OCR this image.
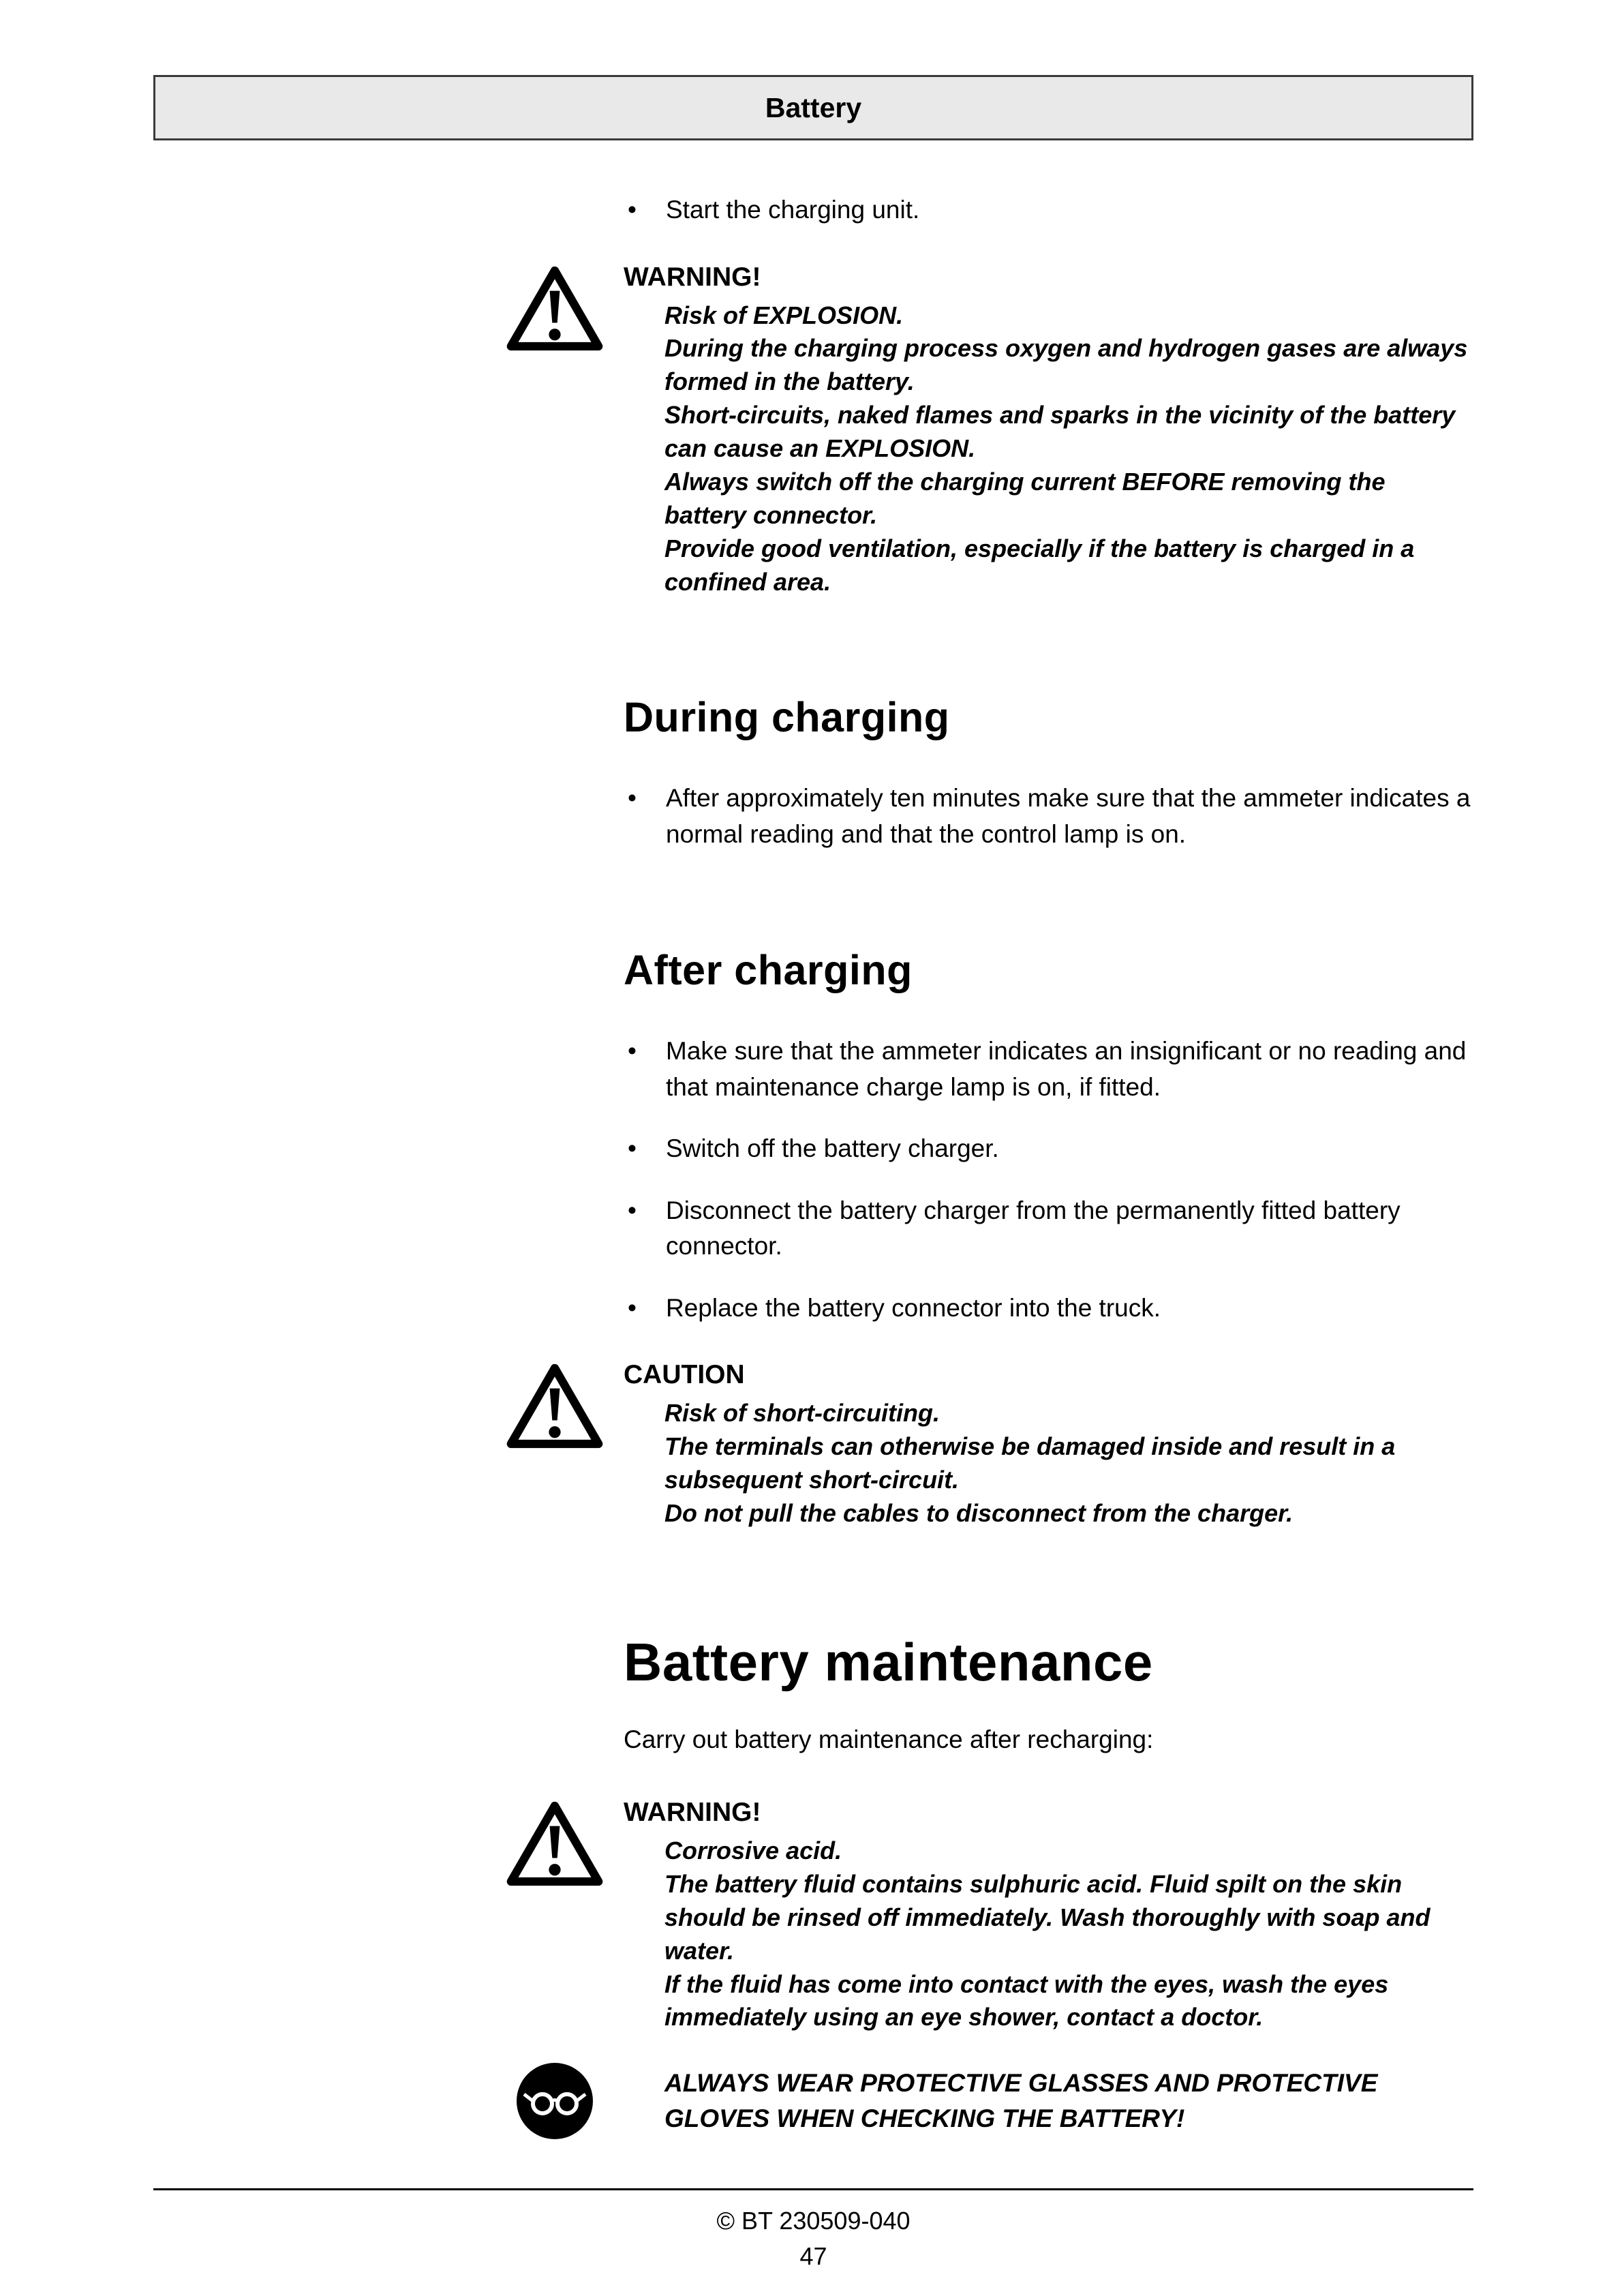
Battery
• Start the charging unit.
WARNING!

Risk of EXPLOSION.

During the charging process oxygen and hydrogen gases are always formed in the battery.

Short-circuits, naked flames and sparks in the vicinity of the battery can cause an EXPLOSION.

Always switch off the charging current BEFORE removing the battery connector.

Provide good ventilation, especially if the battery is charged in a confined area.

During charging
• After approximately ten minutes make sure that the ammeter indicates a normal reading and that the control lamp is on.
After charging
• Make sure that the ammeter indicates an insignificant or no reading and that maintenance charge lamp is on, if fitted.
• Switch off the battery charger.
• Disconnect the battery charger from the permanently fitted battery connector.
• Replace the battery connector into the truck.
CAUTION

Risk of short-circuiting.

The terminals can otherwise be damaged inside and result in a subsequent short-circuit.

Do not pull the cables to disconnect from the charger.

Battery maintenance

Carry out battery maintenance after recharging:

WARNING!

Corrosive acid.

The battery fluid contains sulphuric acid. Fluid spilt on the skin should be rinsed off immediately. Wash thoroughly with soap and water.

If the fluid has come into contact with the eyes, wash the eyes immediately using an eye shower, contact a doctor.

ALWAYS WEAR PROTECTIVE GLASSES AND PROTECTIVE GLOVES WHEN CHECKING THE BATTERY!

© BT 230509-040
47
